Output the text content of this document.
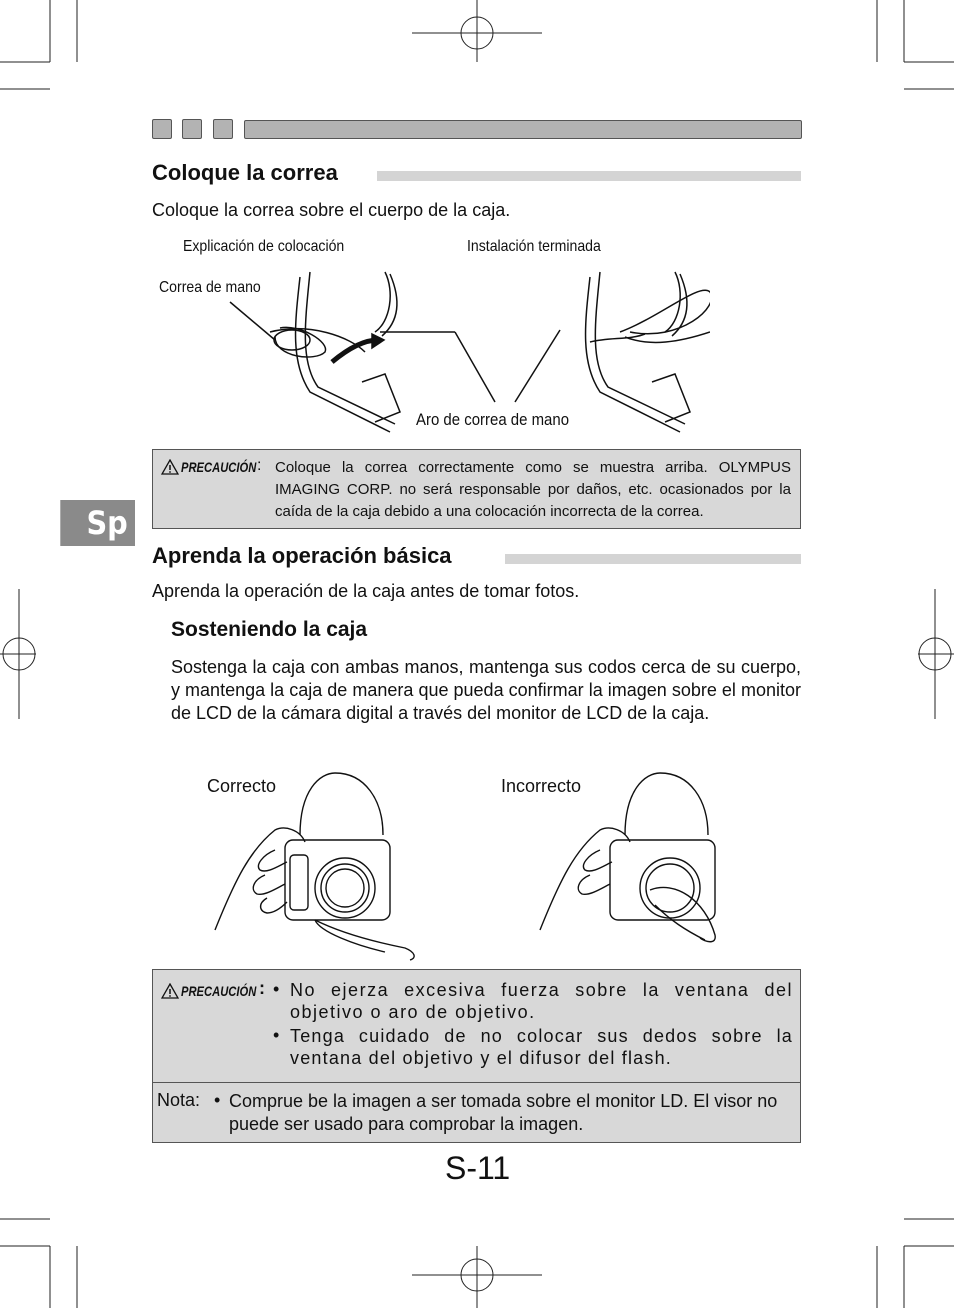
Coloque la correa
Coloque la correa sobre el cuerpo de la caja.
Explicación de colocación	Instalación terminada
Correa de mano
Aro de correa de mano
PRECAUCIÓN : Coloque la correa correctamente como se muestra arriba. OLYMPUS IMAGING CORP. no será responsable por daños, etc. ocasionados por la caída de la caja debido a una colocación incorrecta de la correa.
Sp
Aprenda la operación básica
Aprenda la operación de la caja antes de tomar fotos.
Sosteniendo la caja
Sostenga la caja con ambas manos, mantenga sus codos cerca de su cuerpo, y mantenga la caja de manera que pueda confirmar la imagen sobre el monitor de LCD de la cámara digital a través del monitor de LCD de la caja.
Correcto	Incorrecto
PRECAUCIÓN : • No ejerza excesiva fuerza sobre la ventana del objetivo o aro de objetivo.
• Tenga cuidado de no colocar sus dedos sobre la ventana del objetivo y el difusor del flash.
Nota: • Comprue be la imagen a ser tomada sobre el monitor LD. El visor no puede ser usado para comprobar la imagen.
S-11
